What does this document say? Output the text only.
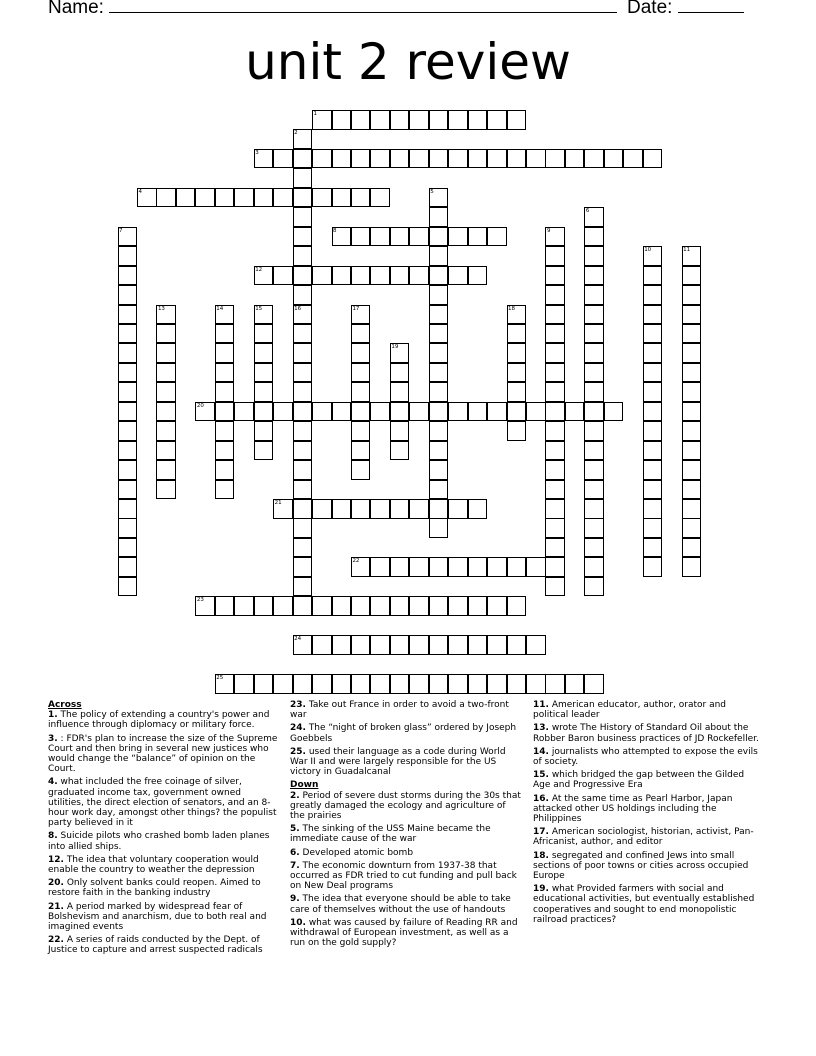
Name:	Date:
unit 2 review
1
2
3
4	5
6
7	8	9
10	11
12
13	14	15	16	17	18
19
20
21
22
23
24
25
Across
1. The policy of extending a country's power and influence through diplomacy or military force.
3. : FDR's plan to increase the size of the Supreme Court and then bring in several new justices who would change the “balance” of opinion on the Court.
4. what included the free coinage of silver, graduated income tax, government owned utilities, the direct election of senators, and an 8-hour work day, amongst other things? the populist party believed in it
8. Suicide pilots who crashed bomb laden planes into allied ships.
12. The idea that voluntary cooperation would enable the country to weather the depression
20. Only solvent banks could reopen. Aimed to restore faith in the banking industry
21. A period marked by widespread fear of Bolshevism and anarchism, due to both real and imagined events
22. A series of raids conducted by the Dept. of Justice to capture and arrest suspected radicals
23. Take out France in order to avoid a two-front war
24. The “night of broken glass” ordered by Joseph Goebbels
25. used their language as a code during World War II and were largely responsible for the US victory in Guadalcanal
Down
2. Period of severe dust storms during the 30s that greatly damaged the ecology and agriculture of the prairies
5. The sinking of the USS Maine became the immediate cause of the war
6. Developed atomic bomb
7. The economic downturn from 1937-38 that occurred as FDR tried to cut funding and pull back on New Deal programs
9. The idea that everyone should be able to take care of themselves without the use of handouts
10. what was caused by failure of Reading RR and withdrawal of European investment, as well as a run on the gold supply?
11. American educator, author, orator and political leader
13. wrote The History of Standard Oil about the Robber Baron business practices of JD Rockefeller.
14. journalists who attempted to expose the evils of society.
15. which bridged the gap between the Gilded Age and Progressive Era
16. At the same time as Pearl Harbor, Japan attacked other US holdings including the Philippines
17. American sociologist, historian, activist, Pan-Africanist, author, and editor
18. segregated and confined Jews into small sections of poor towns or cities across occupied Europe
19. what Provided farmers with social and educational activities, but eventually established cooperatives and sought to end monopolistic railroad practices?
